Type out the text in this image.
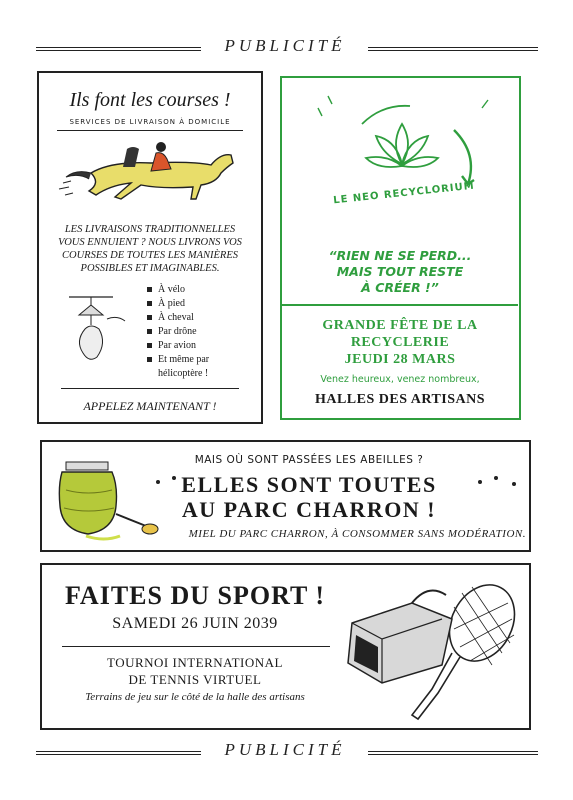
PUBLICITÉ
Ils font les courses !
SERVICES DE LIVRAISON À DOMICILE
LES LIVRAISONS TRADITIONNELLES VOUS ENNUIENT ? NOUS LIVRONS VOS COURSES DE TOUTES LES MANIÈRES POSSIBLES ET IMAGINABLES.
À vélo
À pied
À cheval
Par drône
Par avion
Et même par hélicoptère !
APPELEZ MAINTENANT !
LE NEO RECYCLORIUM
“RIEN NE SE PERD...
MAIS TOUT RESTE
À CRÉER !”
GRANDE FÊTE DE LA
RECYCLERIE
JEUDI 28 MARS
Venez heureux, venez nombreux,
HALLES DES ARTISANS
MAIS OÙ SONT PASSÉES LES ABEILLES ?
ELLES SONT TOUTES
AU PARC CHARRON !
MIEL DU PARC CHARRON, À CONSOMMER SANS MODÉRATION.
FAITES DU SPORT !
SAMEDI 26 JUIN 2039
TOURNOI INTERNATIONAL
DE TENNIS VIRTUEL
Terrains de jeu sur le côté de la halle des artisans
PUBLICITÉ
